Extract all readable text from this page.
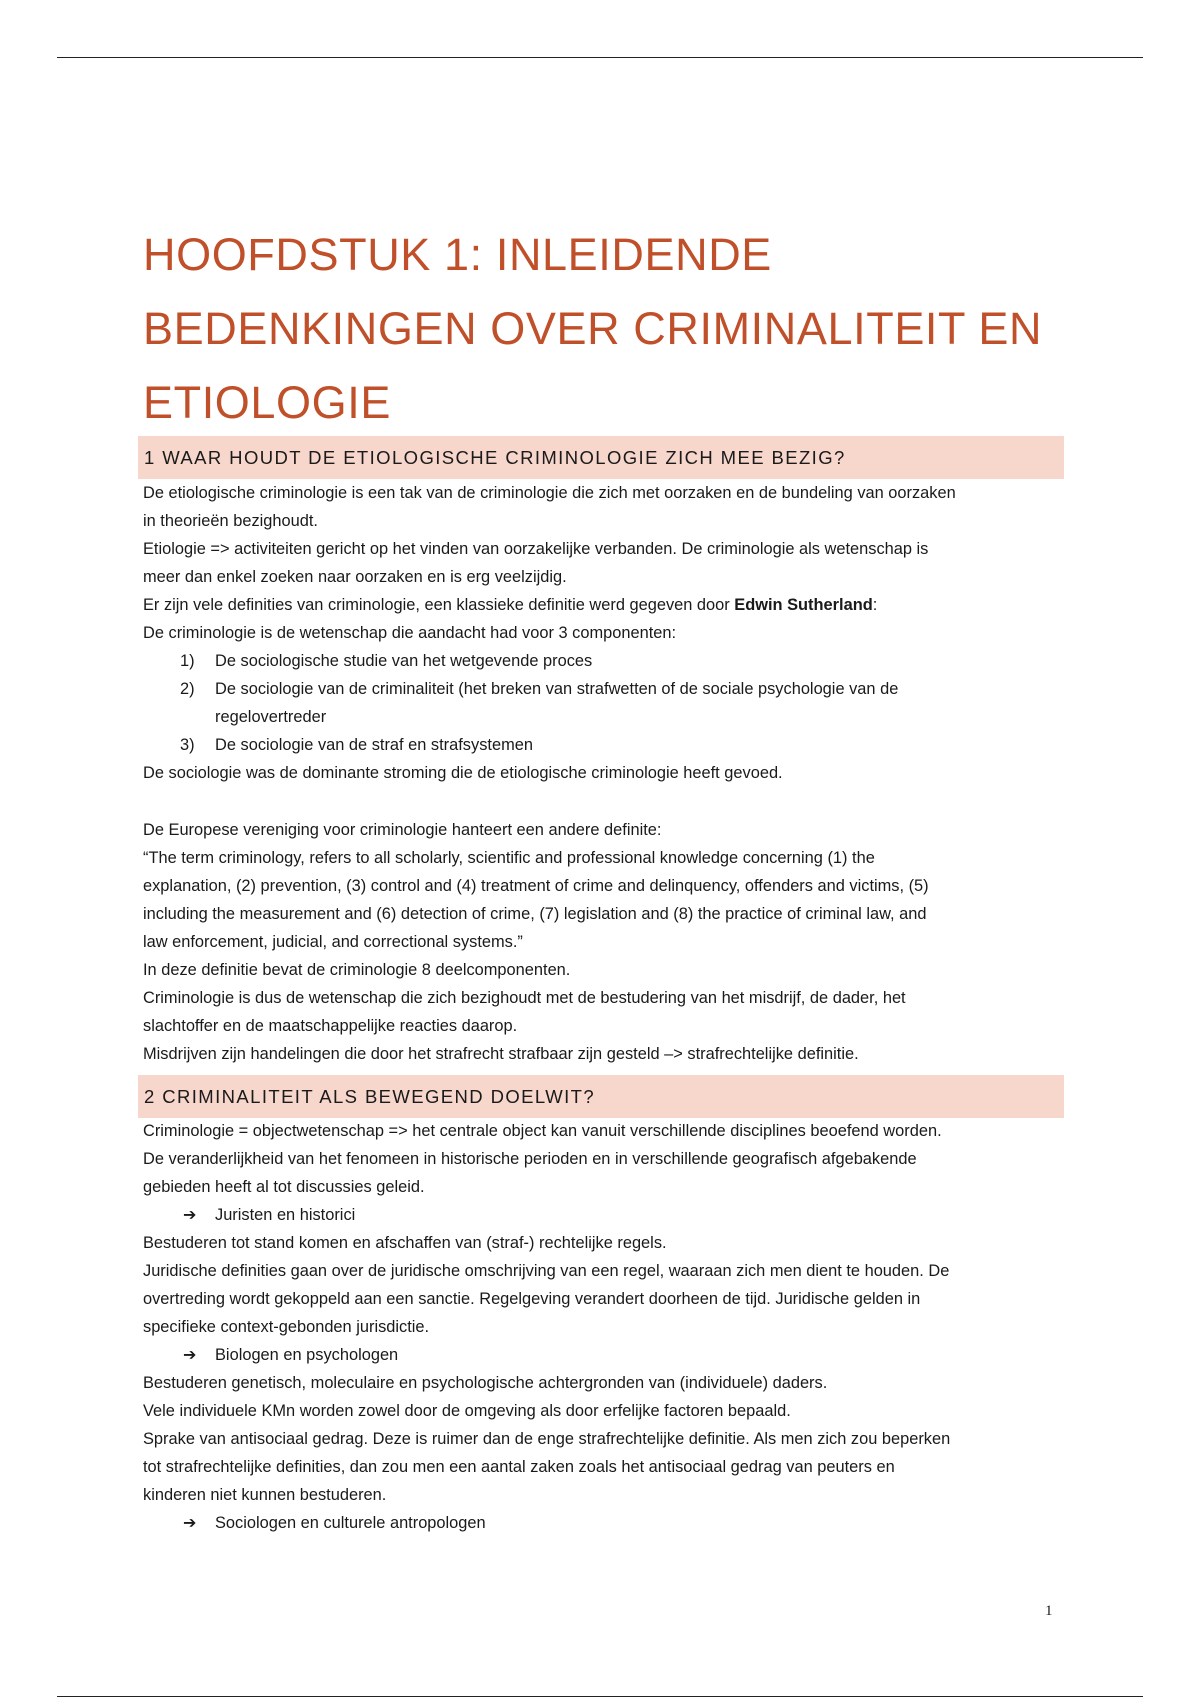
HOOFDSTUK 1: INLEIDENDE
BEDENKINGEN OVER CRIMINALITEIT EN
ETIOLOGIE
1 WAAR HOUDT DE ETIOLOGISCHE CRIMINOLOGIE ZICH MEE BEZIG?
De etiologische criminologie is een tak van de criminologie die zich met oorzaken en de bundeling van oorzaken
in theorieën bezighoudt.
Etiologie => activiteiten gericht op het vinden van oorzakelijke verbanden. De criminologie als wetenschap is
meer dan enkel zoeken naar oorzaken en is erg veelzijdig.
Er zijn vele definities van criminologie, een klassieke definitie werd gegeven door Edwin Sutherland:
De criminologie is de wetenschap die aandacht had voor 3 componenten:
1) De sociologische studie van het wetgevende proces
2) De sociologie van de criminaliteit (het breken van strafwetten of de sociale psychologie van de
regelovertreder
3) De sociologie van de straf en strafsystemen
De sociologie was de dominante stroming die de etiologische criminologie heeft gevoed.
De Europese vereniging voor criminologie hanteert een andere definite:
“The term criminology, refers to all scholarly, scientific and professional knowledge concerning (1) the
explanation, (2) prevention, (3) control and (4) treatment of crime and delinquency, offenders and victims, (5)
including the measurement and (6) detection of crime, (7) legislation and (8) the practice of criminal law, and
law enforcement, judicial, and correctional systems.”
In deze definitie bevat de criminologie 8 deelcomponenten.
Criminologie is dus de wetenschap die zich bezighoudt met de bestudering van het misdrijf, de dader, het
slachtoffer en de maatschappelijke reacties daarop.
Misdrijven zijn handelingen die door het strafrecht strafbaar zijn gesteld –> strafrechtelijke definitie.
2 CRIMINALITEIT ALS BEWEGEND DOELWIT?
Criminologie = objectwetenschap => het centrale object kan vanuit verschillende disciplines beoefend worden.
De veranderlijkheid van het fenomeen in historische perioden en in verschillende geografisch afgebakende
gebieden heeft al tot discussies geleid.
➔ Juristen en historici
Bestuderen tot stand komen en afschaffen van (straf-) rechtelijke regels.
Juridische definities gaan over de juridische omschrijving van een regel, waaraan zich men dient te houden. De
overtreding wordt gekoppeld aan een sanctie. Regelgeving verandert doorheen de tijd. Juridische gelden in
specifieke context-gebonden jurisdictie.
➔ Biologen en psychologen
Bestuderen genetisch, moleculaire en psychologische achtergronden van (individuele) daders.
Vele individuele KMn worden zowel door de omgeving als door erfelijke factoren bepaald.
Sprake van antisociaal gedrag. Deze is ruimer dan de enge strafrechtelijke definitie. Als men zich zou beperken
tot strafrechtelijke definities, dan zou men een aantal zaken zoals het antisociaal gedrag van peuters en
kinderen niet kunnen bestuderen.
➔ Sociologen en culturele antropologen
1
